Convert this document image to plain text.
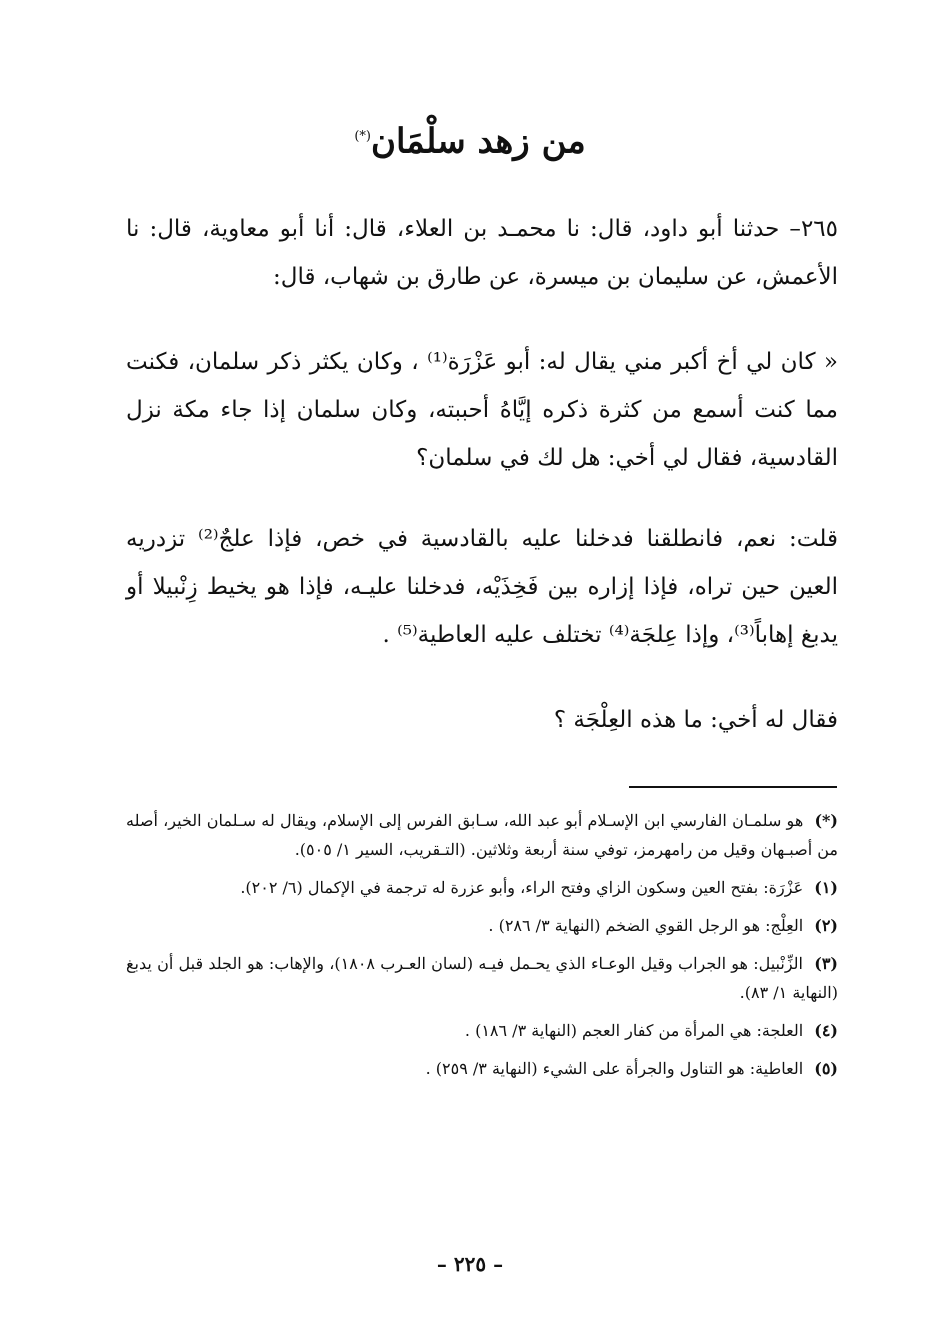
من زهد سلْمَان(*)

٢٦٥– حدثنا أبو داود، قال: نا محمـد بن العلاء، قال: أنا أبو معاوية، قال: نا الأعمش، عن سليمان بن ميسرة، عن طارق بن شهاب، قال:

« كان لي أخ أكبر مني يقال له: أبو عَزْرَة⁽¹⁾ ، وكان يكثر ذكر سلمان، فكنت مما كنت أسمع من كثرة ذكره إيَّاهُ أحببته، وكان سلمان إذا جاء مكة نزل القادسية، فقال لي أخي: هل لك في سلمان؟

قلت: نعم، فانطلقنا فدخلنا عليه بالقادسية في خص، فإذا علجٌ⁽²⁾ تزدريه العين حين تراه، فإذا إزاره بين فَخِذَيْه، فدخلنا عليـه، فإذا هو يخيط زِنْبيلا أو يدبغ إهاباً⁽³⁾، وإذا عِلجَة⁽⁴⁾ تختلف عليه العاطية⁽⁵⁾ .

فقال له أخي: ما هذه العِلْجَة ؟

(*) هو سلمـان الفارسي ابن الإسـلام أبو عبد الله، سـابق الفرس إلى الإسلام، ويقال له سـلمان الخير، أصله من أصبـهان وقيل من رامهرمز، توفي سنة أربعة وثلاثين. (التـقريب، السير ١/ ٥٠٥).

(١) عَزْرَة: بفتح العين وسكون الزاي وفتح الراء، وأبو عزرة له ترجمة في الإكمال (٦/ ٢٠٢).

(٢) العِلْج: هو الرجل القوي الضخم (النهاية ٣/ ٢٨٦) .

(٣) الزِّنْبيل: هو الجراب وقيل الوعـاء الذي يحـمل فيـه (لسان العـرب ١٨٠٨)، والإهاب: هو الجلد قبل أن يدبغ (النهاية ١/ ٨٣).

(٤) العلجة: هي المرأة من كفار العجم (النهاية ٣/ ١٨٦) .

(٥) العاطية: هو التناول والجرأة على الشيء (النهاية ٣/ ٢٥٩) .

– ٢٢٥ –
